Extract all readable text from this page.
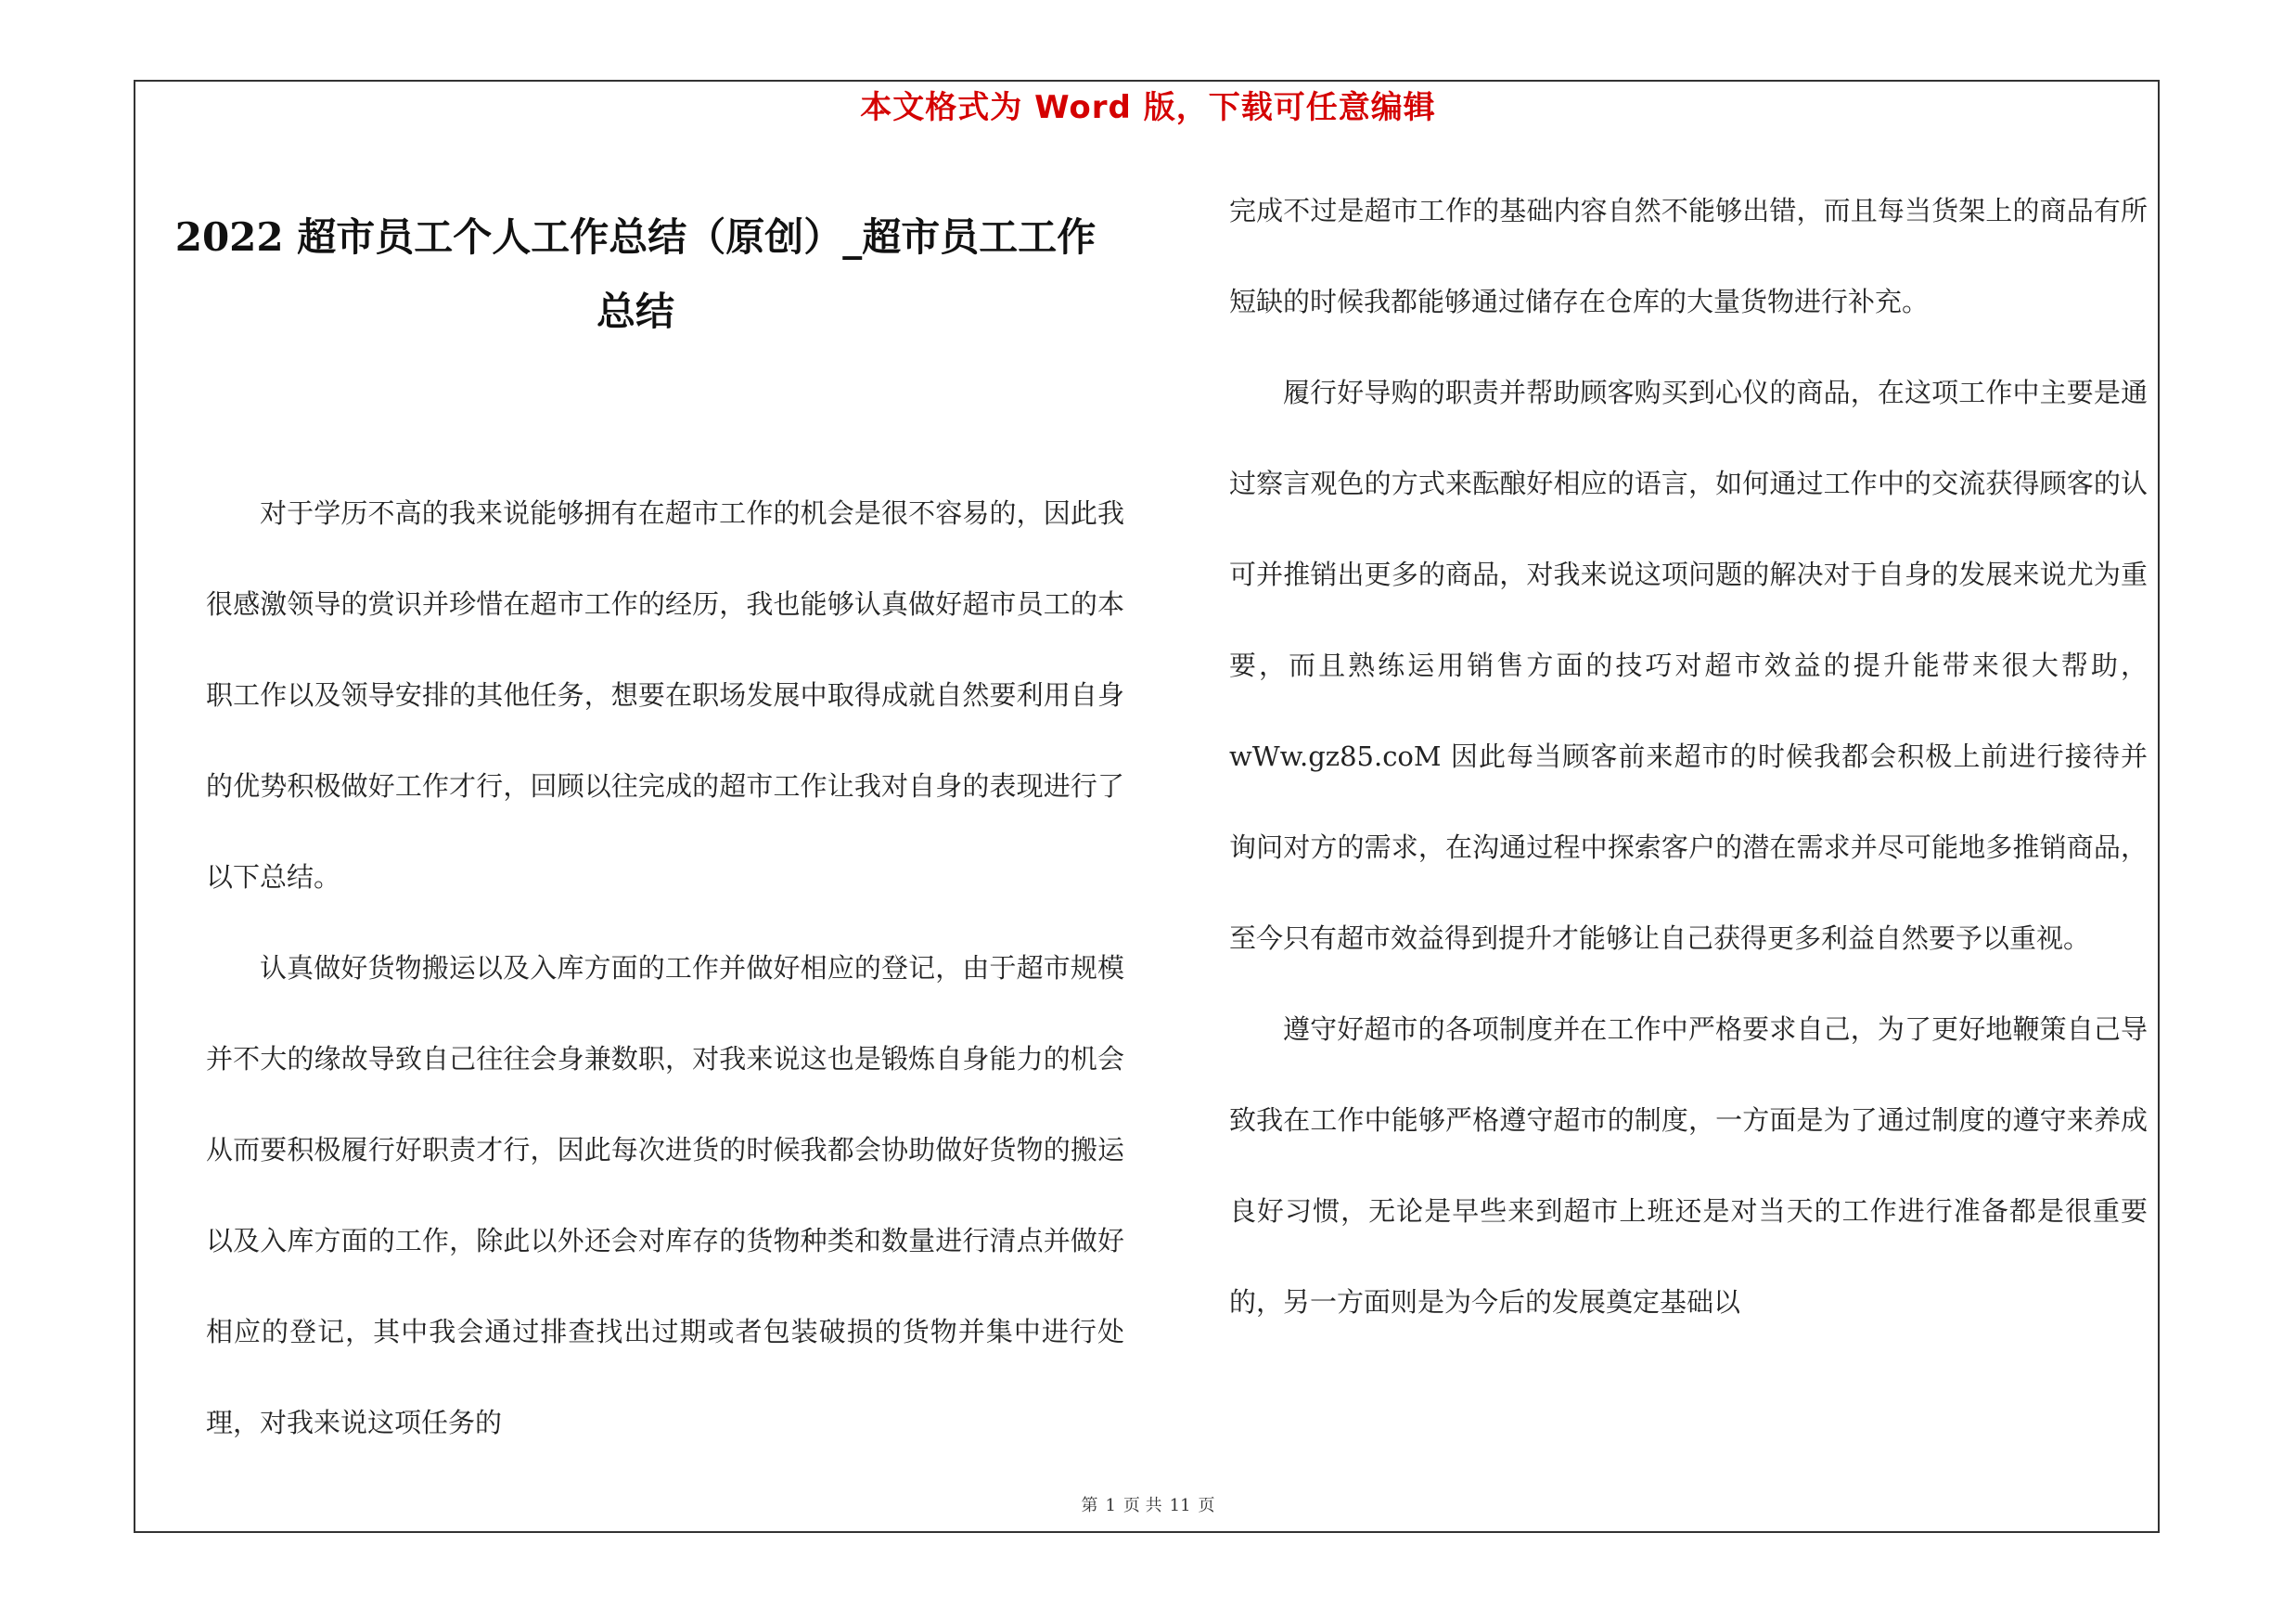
本文格式为 Word 版，下载可任意编辑
2022 超市员工个人工作总结（原创）_超市员工工作
总结

对于学历不高的我来说能够拥有在超市工作的机会是很不容易的，因此我很感激领导的赏识并珍惜在超市工作的经历，我也能够认真做好超市员工的本职工作以及领导安排的其他任务，想要在职场发展中取得成就自然要利用自身的优势积极做好工作才行，回顾以往完成的超市工作让我对自身的表现进行了以下总结。

认真做好货物搬运以及入库方面的工作并做好相应的登记，由于超市规模并不大的缘故导致自己往往会身兼数职，对我来说这也是锻炼自身能力的机会从而要积极履行好职责才行，因此每次进货的时候我都会协助做好货物的搬运以及入库方面的工作，除此以外还会对库存的货物种类和数量进行清点并做好相应的登记，其中我会通过排查找出过期或者包装破损的货物并集中进行处理，对我来说这项任务的

完成不过是超市工作的基础内容自然不能够出错，而且每当货架上的商品有所短缺的时候我都能够通过储存在仓库的大量货物进行补充。

履行好导购的职责并帮助顾客购买到心仪的商品，在这项工作中主要是通过察言观色的方式来酝酿好相应的语言，如何通过工作中的交流获得顾客的认可并推销出更多的商品，对我来说这项问题的解决对于自身的发展来说尤为重要，而且熟练运用销售方面的技巧对超市效益的提升能带来很大帮助，wWw.gz85.coM 因此每当顾客前来超市的时候我都会积极上前进行接待并询问对方的需求，在沟通过程中探索客户的潜在需求并尽可能地多推销商品，至今只有超市效益得到提升才能够让自己获得更多利益自然要予以重视。

遵守好超市的各项制度并在工作中严格要求自己，为了更好地鞭策自己导致我在工作中能够严格遵守超市的制度，一方面是为了通过制度的遵守来养成良好习惯，无论是早些来到超市上班还是对当天的工作进行准备都是很重要的，另一方面则是为今后的发展奠定基础以

第 1 页 共 11 页
